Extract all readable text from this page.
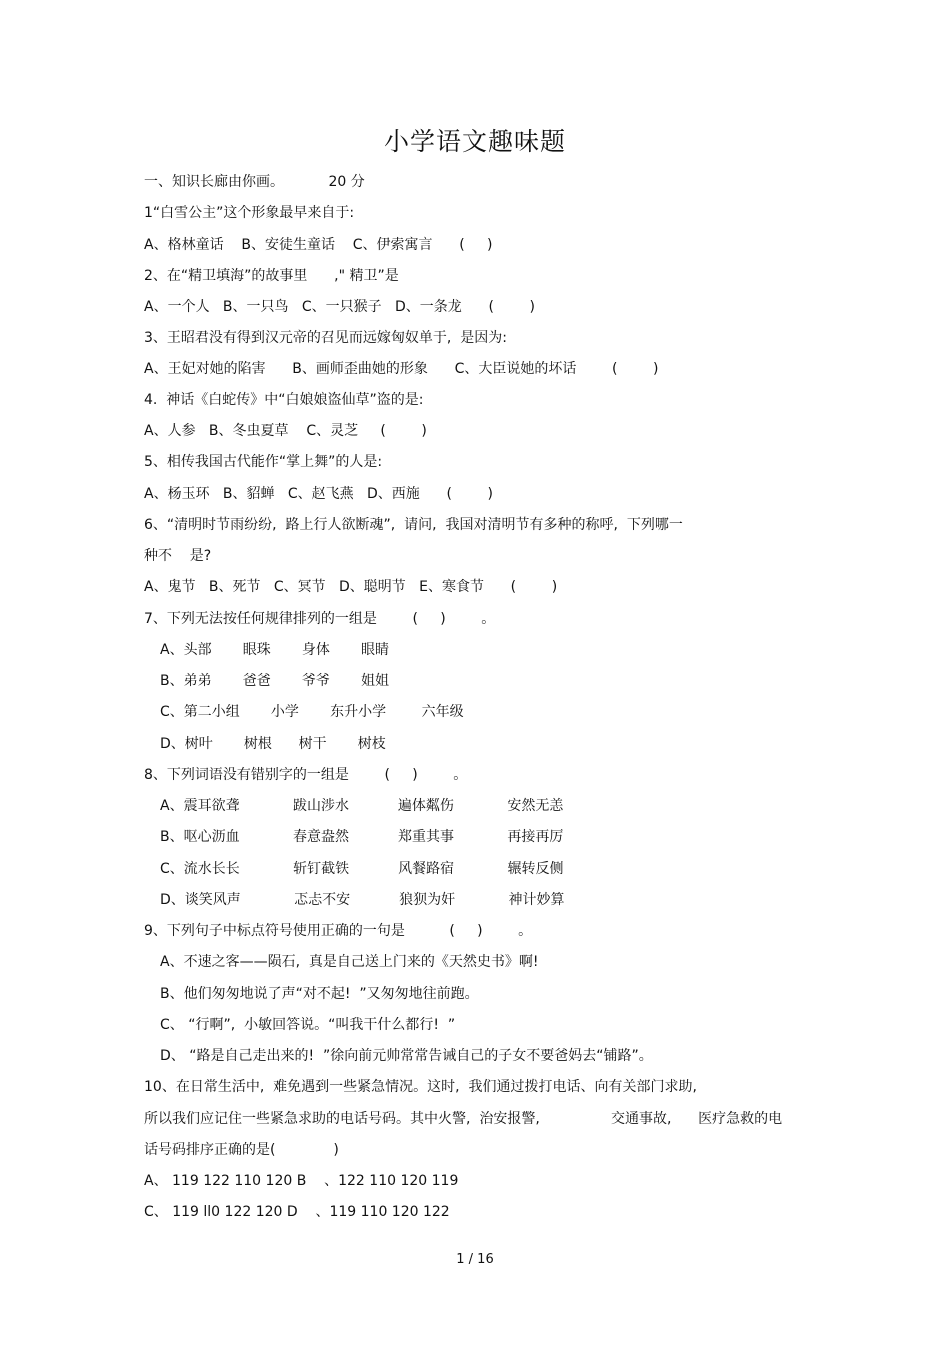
小学语文趣味题
一、知识长廊由你画。          20 分
1“白雪公主”这个形象最早来自于:
A、格林童话    B、安徒生童话    C、伊索寓言      (     )
2、在“精卫填海”的故事里      ," 精卫”是
A、一个人   B、一只鸟   C、一只猴子   D、一条龙      (        )
3、王昭君没有得到汉元帝的召见而远嫁匈奴单于,  是因为:
A、王妃对她的陷害      B、画师歪曲她的形象      C、大臣说她的坏话        (        )
4.  神话《白蛇传》中“白娘娘盗仙草”盗的是:
A、人参   B、冬虫夏草    C、灵芝     (        )
5、相传我国古代能作“掌上舞”的人是:
A、杨玉环   B、貂蝉   C、赵飞燕   D、西施      (        )
6、“清明时节雨纷纷,  路上行人欲断魂”,  请问,  我国对清明节有多种的称呼,  下列哪一
种不    是?
A、鬼节   B、死节   C、冥节   D、聪明节   E、寒食节      (        )
7、下列无法按任何规律排列的一组是        (     )        。
A、头部       眼珠       身体       眼睛
B、弟弟       爸爸       爷爷       姐姐
C、第二小组       小学       东升小学        六年级
D、树叶       树根      树干       树枝
8、下列词语没有错别字的一组是        (     )        。
A、震耳欲聋            跋山涉水           遍体粼伤            安然无恙
B、呕心沥血            春意盎然           郑重其事            再接再厉
C、流水长长            斩钉截铁           风餐路宿            辗转反侧
D、谈笑风声            忑忐不安           狼狈为奸            神计妙算
9、下列句子中标点符号使用正确的一句是          (     )        。
A、不速之客——陨石,  真是自己送上门来的《天然史书》啊!
B、他们匆匆地说了声“对不起!  ”又匆匆地往前跑。
C、 “行啊”,  小敏回答说。“叫我干什么都行!  ”
D、 “路是自己走出来的!  ”徐向前元帅常常告诫自己的子女不要爸妈去“铺路”。
10、在日常生活中,  难免遇到一些紧急情况。这时,  我们通过拨打电话、向有关部门求助,
所以我们应记住一些紧急求助的电话号码。其中火警,  治安报警,                交通事故,      医疗急救的电
话号码排序正确的是(             )
A、 119 122 110 120 B    、122 110 120 119
C、 119 ll0 122 120 D    、119 110 120 122
1 / 16
